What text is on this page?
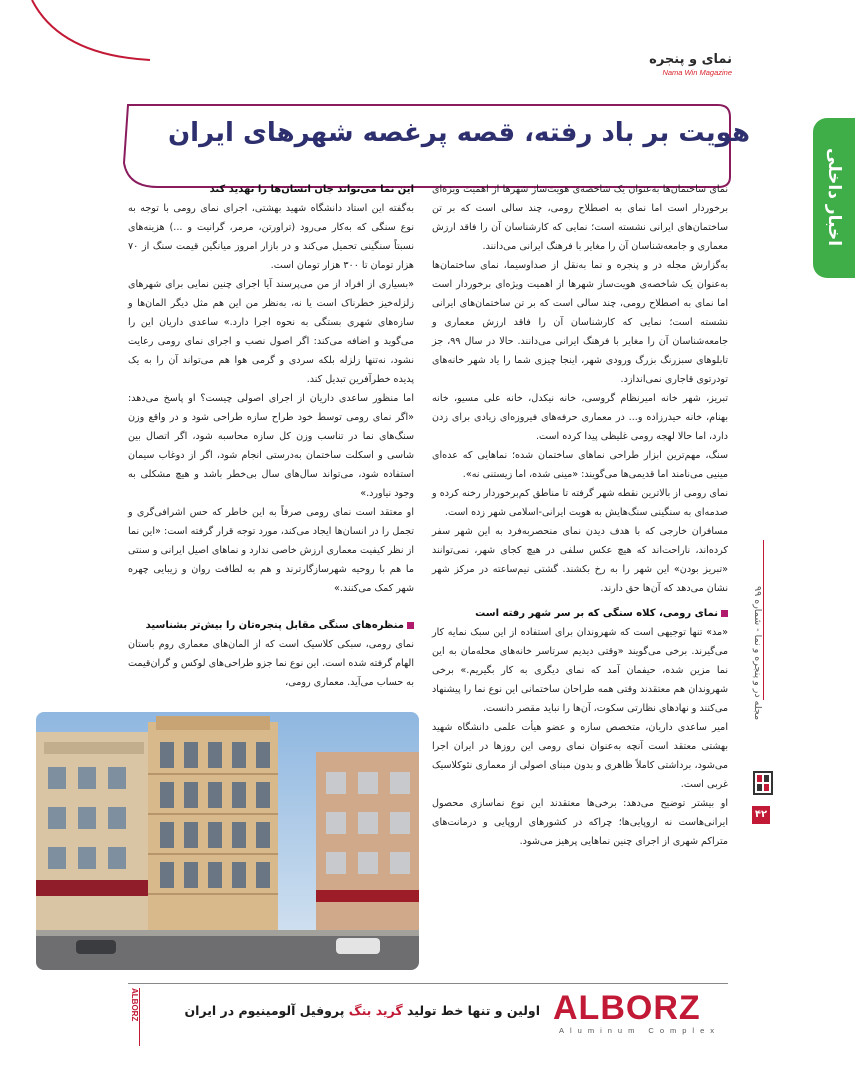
نمای و پنجره
Nama Win Magazine
هویت بر باد رفته، قصه پرغصه شهرهای ایران
اخبار داخلی

نمای ساختمان‌ها به‌عنوان یک شاخصه‌ی هویت‌ساز شهرها از اهمیت ویژه‌ای برخوردار است اما نمای به اصطلاح رومی، چند سالی است که بر تن ساختمان‌های ایرانی نشسته است؛ نمایی که کارشناسان آن را فاقد ارزش معماری و جامعه‌شناسان آن را مغایر با فرهنگ ایرانی می‌دانند.

به‌گزارش مجله در و پنجره و نما به‌نقل از صداو‌سیما، نمای ساختمان‌ها به‌عنوان یک شاخصه‌ی هویت‌ساز شهرها از اهمیت ویژه‌ای برخوردار است اما نمای به اصطلاح رومی، چند سالی است که بر تن ساختمان‌های ایرانی نشسته است؛ نمایی که کارشناسان آن را فاقد ارزش معماری و جامعه‌شناسان آن را مغایر با فرهنگ ایرانی می‌دانند. حالا در سال ۹۹، جز تابلوهای سبزرنگ بزرگ ورودی شهر، اینجا چیزی شما را یاد شهر خانه‌های تودرتوی قاجاری نمی‌اندازد.

تبریز، شهر خانه امیرنظام گروسی، خانه نیکدل، خانه علی مسیو، خانه بهنام، خانه حیدرزاده و... در معماری حرفه‌های فیروزه‌ای زیادی برای زدن دارد، اما حالا لهجه رومی غلیظی پیدا کرده است.

سنگ، مهم‌ترین ابزار طراحی نماهای ساختمان شده؛ نماهایی که عده‌ای مینیی می‌نامند اما قدیمی‌ها می‌گویند: «مینی شده، اما زیستنی نه».

نمای رومی از بالاترین نقطه شهر گرفته تا مناطق کم‌برخوردار رخنه کرده و صدمه‌ای به سنگینی سنگ‌هایش به هویت ایرانی-اسلامی شهر زده است.

مسافران خارجی که با هدف دیدن نمای منحصربه‌فرد به این شهر سفر کرده‌اند، ناراحت‌اند که هیچ عکس سلفی در هیچ کجای شهر، نمی‌توانند «تبریز بودن» این شهر را به رخ بکشند. گشتی نیم‌ساعته در مرکز شهر نشان می‌دهد که آن‌ها حق دارند.

نمای رومی، کلاه سنگی که بر سر شهر رفته است

«مد» تنها توجیهی است که شهروندان برای استفاده از این سبک نمایه کار می‌گیرند. برخی می‌گویند «وقتی دیدیم سرتاسر خانه‌های محله‌مان به این نما مزین شده، حیفمان آمد که نمای دیگری به کار بگیریم.» برخی شهروندان هم معتقدند وقتی همه طراحان ساختمانی این نوع نما را پیشنهاد می‌کنند و نهادهای نظارتی سکوت، آن‌ها را نباید مقصر دانست.

امیر ساعدی داریان، متخصص سازه و عضو هیأت علمی دانشگاه شهید بهشتی معتقد است آنچه به‌عنوان نمای رومی این روزها در ایران اجرا می‌شود، برداشتی کاملاً ظاهری و بدون مبنای اصولی از معماری نئوکلاسیک غربی است.

او بیشتر توضیح می‌دهد: برخی‌ها معتقدند این نوع نماسازی محصول ایرانی‌هاست نه اروپایی‌ها؛ چراکه در کشورهای اروپایی و درمانت‌های متراکم شهری از اجرای چنین نماهایی پرهیز می‌شود.

این نما می‌تواند جان انسان‌ها را تهدید کند

به‌گفته این استاد دانشگاه شهید بهشتی، اجرای نمای رومی با توجه به نوع سنگی که به‌کار می‌رود (تراورتن، مرمر، گرانیت و ...) هزینه‌های نسبتاً سنگینی تحمیل می‌کند و در بازار امروز میانگین قیمت سنگ از ۷۰ هزار تومان تا ۳۰۰ هزار تومان است.

«بسیاری از افراد از من می‌پرسند آیا اجرای چنین نمایی برای شهرهای زلزله‌خیز خطرناک است یا نه، به‌نظر من این هم مثل دیگر المان‌ها و سازه‌های شهری بستگی به نحوه اجرا دارد.» ساعدی داریان این را می‌گوید و اضافه می‌کند: اگر اصول نصب و اجرای نمای رومی رعایت نشود، نه‌تنها زلزله بلکه سردی و گرمی هوا هم می‌تواند آن را به یک پدیده خطرآفرین تبدیل کند.

اما منظور ساعدی داریان از اجرای اصولی چیست؟ او پاسخ می‌دهد: «اگر نمای رومی توسط خود طراح سازه طراحی شود و در واقع وزن سنگ‌های نما در تناسب وزن کل سازه محاسبه شود، اگر اتصال بین شاسی و اسکلت ساختمان به‌درستی انجام شود، اگر از دوغاب سیمان استفاده شود، می‌تواند سال‌های سال بی‌خطر باشد و هیچ مشکلی به وجود نیاورد.»

او معتقد است نمای رومی صرفاً به این خاطر که حس اشرافی‌گری و تجمل را در انسان‌ها ایجاد می‌کند، مورد توجه قرار گرفته است: «این نما از نظر کیفیت معماری ارزش خاصی ندارد و نماهای اصیل ایرانی و سنتی ما هم با روحیه شهرسازگارترند و هم به لطافت روان و زیبایی چهره شهر کمک می‌کنند.»

منظره‌های سنگی مقابل پنجره‌تان را بیش‌تر بشناسید

نمای رومی، سبکی کلاسیک است که از المان‌های معماری روم باستان الهام گرفته شده است. این نوع نما جزو طراحی‌های لوکس و گران‌قیمت به حساب می‌آید. معماری رومی،

مجله در و پنجره و نما - شماره ۹۹
۴۲
ALBORZ	اولین و تنها خط تولید گرید بنگ پروفیل آلومینیوم در ایران	ALBORZ
Aluminum Complex
